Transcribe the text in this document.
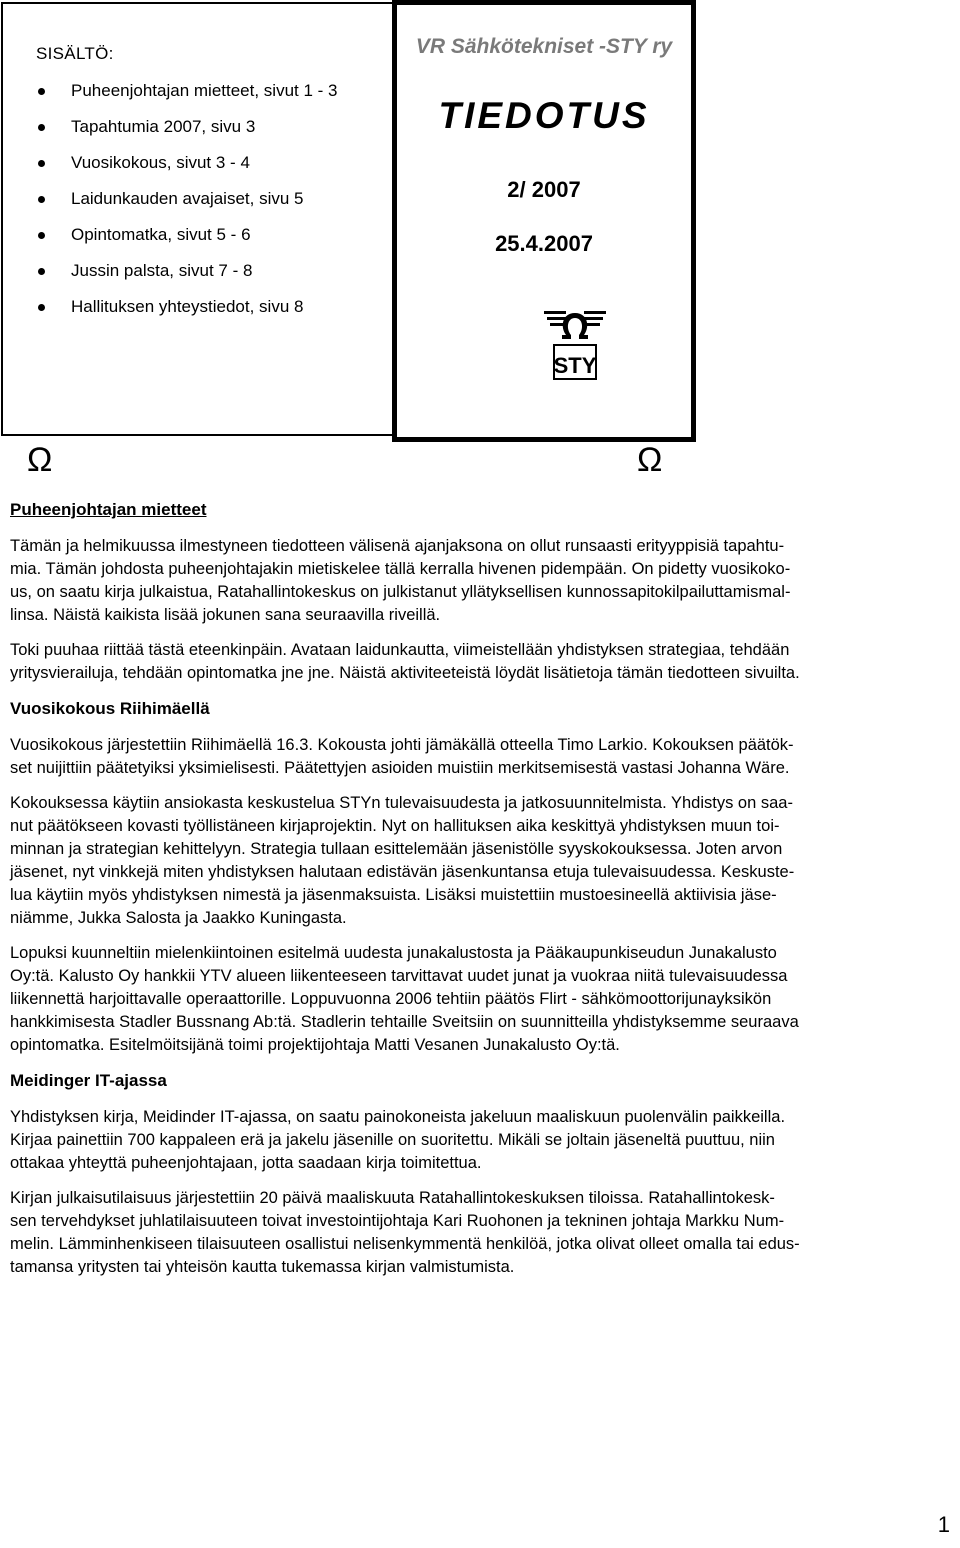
SISÄLTÖ:
Puheenjohtajan mietteet, sivut 1 - 3
Tapahtumia 2007, sivu 3
Vuosikokous, sivut 3 - 4
Laidunkauden avajaiset, sivu 5
Opintomatka, sivut 5 - 6
Jussin palsta, sivut 7 - 8
Hallituksen yhteystiedot, sivu 8
VR Sähkötekniset -STY ry
TIEDOTUS
2/ 2007
25.4.2007
STY
Ω	Ω
Puheenjohtajan mietteet

Tämän ja helmikuussa ilmestyneen tiedotteen välisenä ajanjaksona on ollut runsaasti erityyppisiä tapahtu-
mia. Tämän johdosta puheenjohtajakin mietiskelee tällä kerralla hivenen pidempään. On pidetty vuosikoko-
us, on saatu kirja julkaistua, Ratahallintokeskus on julkistanut yllätyksellisen kunnossapitokilpailuttamismal-
linsa. Näistä kaikista lisää jokunen sana seuraavilla riveillä.

Toki puuhaa riittää tästä eteenkinpäin. Avataan laidunkautta, viimeistellään yhdistyksen strategiaa, tehdään
yritysvierailuja, tehdään opintomatka jne jne. Näistä aktiviteeteistä löydät lisätietoja tämän tiedotteen sivuilta.

Vuosikokous Riihimäellä

Vuosikokous järjestettiin Riihimäellä 16.3. Kokousta johti jämäkällä otteella Timo Larkio. Kokouksen päätök-
set nuijittiin päätetyiksi yksimielisesti. Päätettyjen asioiden muistiin merkitsemisestä vastasi Johanna Wäre.

Kokouksessa käytiin ansiokasta keskustelua STYn tulevaisuudesta ja jatkosuunnitelmista. Yhdistys on saa-
nut päätökseen kovasti työllistäneen kirjaprojektin. Nyt on hallituksen aika keskittyä yhdistyksen muun toi-
minnan ja strategian kehittelyyn. Strategia tullaan esittelemään jäsenistölle syyskokouksessa. Joten arvon
jäsenet, nyt vinkkejä miten yhdistyksen halutaan edistävän jäsenkuntansa etuja tulevaisuudessa. Keskuste-
lua käytiin myös yhdistyksen nimestä ja jäsenmaksuista. Lisäksi muistettiin mustoesineellä aktiivisia jäse-
niämme, Jukka Salosta ja Jaakko Kuningasta.

Lopuksi kuunneltiin mielenkiintoinen esitelmä uudesta junakalustosta ja Pääkaupunkiseudun Junakalusto
Oy:tä. Kalusto Oy hankkii YTV alueen liikenteeseen tarvittavat uudet junat ja vuokraa niitä tulevaisuudessa
liikennettä harjoittavalle operaattorille. Loppuvuonna 2006 tehtiin päätös Flirt - sähkömoottorijunayksikön
hankkimisesta Stadler Bussnang Ab:tä. Stadlerin tehtaille Sveitsiin on suunnitteilla yhdistyksemme seuraava
opintomatka. Esitelmöitsijänä toimi projektijohtaja Matti Vesanen Junakalusto Oy:tä.

Meidinger IT-ajassa

Yhdistyksen kirja, Meidinder IT-ajassa, on saatu painokoneista jakeluun maaliskuun puolenvälin paikkeilla.
Kirjaa painettiin 700 kappaleen erä ja jakelu jäsenille on suoritettu. Mikäli se joltain jäseneltä puuttuu, niin
ottakaa yhteyttä puheenjohtajaan, jotta saadaan kirja toimitettua.

Kirjan julkaisutilaisuus järjestettiin 20 päivä maaliskuuta Ratahallintokeskuksen tiloissa. Ratahallintokesk-
sen tervehdykset juhlatilaisuuteen toivat investointijohtaja Kari Ruohonen ja tekninen johtaja Markku Num-
melin. Lämminhenkiseen tilaisuuteen osallistui nelisenkymmentä henkilöä, jotka olivat olleet omalla tai edus-
tamansa yritysten tai yhteisön kautta tukemassa kirjan valmistumista.

1
